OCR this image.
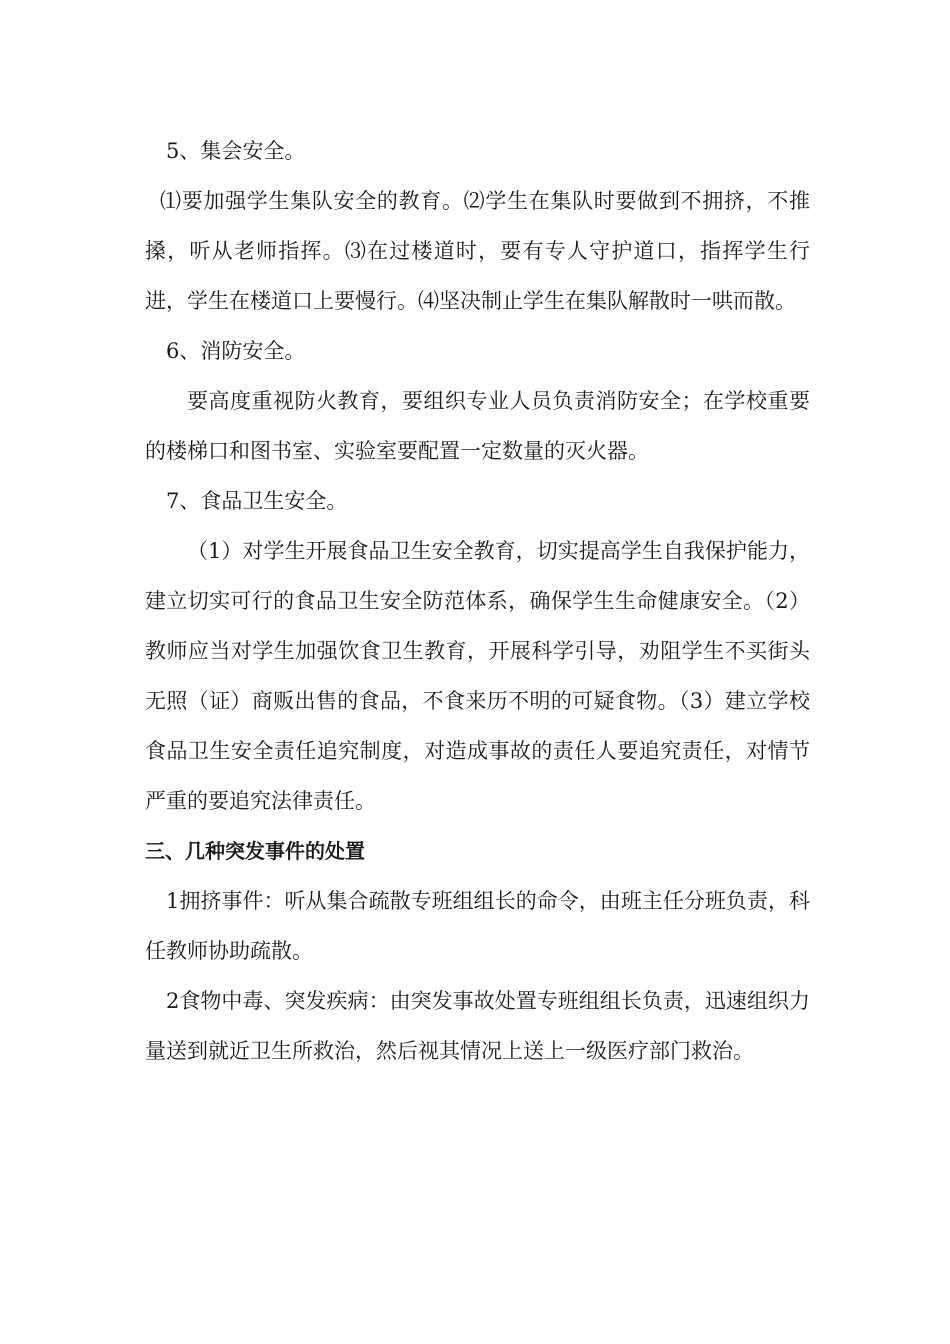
5、集会安全。

⑴要加强学生集队安全的教育。⑵学生在集队时要做到不拥挤，不推搡，听从老师指挥。⑶在过楼道时，要有专人守护道口，指挥学生行进，学生在楼道口上要慢行。⑷坚决制止学生在集队解散时一哄而散。

6、消防安全。

要高度重视防火教育，要组织专业人员负责消防安全；在学校重要的楼梯口和图书室、实验室要配置一定数量的灭火器。

7、食品卫生安全。

（1）对学生开展食品卫生安全教育，切实提高学生自我保护能力，建立切实可行的食品卫生安全防范体系，确保学生生命健康安全。（2）教师应当对学生加强饮食卫生教育，开展科学引导，劝阻学生不买街头无照（证）商贩出售的食品，不食来历不明的可疑食物。（3）建立学校食品卫生安全责任追究制度，对造成事故的责任人要追究责任，对情节严重的要追究法律责任。

三、几种突发事件的处置

1拥挤事件：听从集合疏散专班组组长的命令，由班主任分班负责，科任教师协助疏散。

2食物中毒、突发疾病：由突发事故处置专班组组长负责，迅速组织力量送到就近卫生所救治，然后视其情况上送上一级医疗部门救治。
